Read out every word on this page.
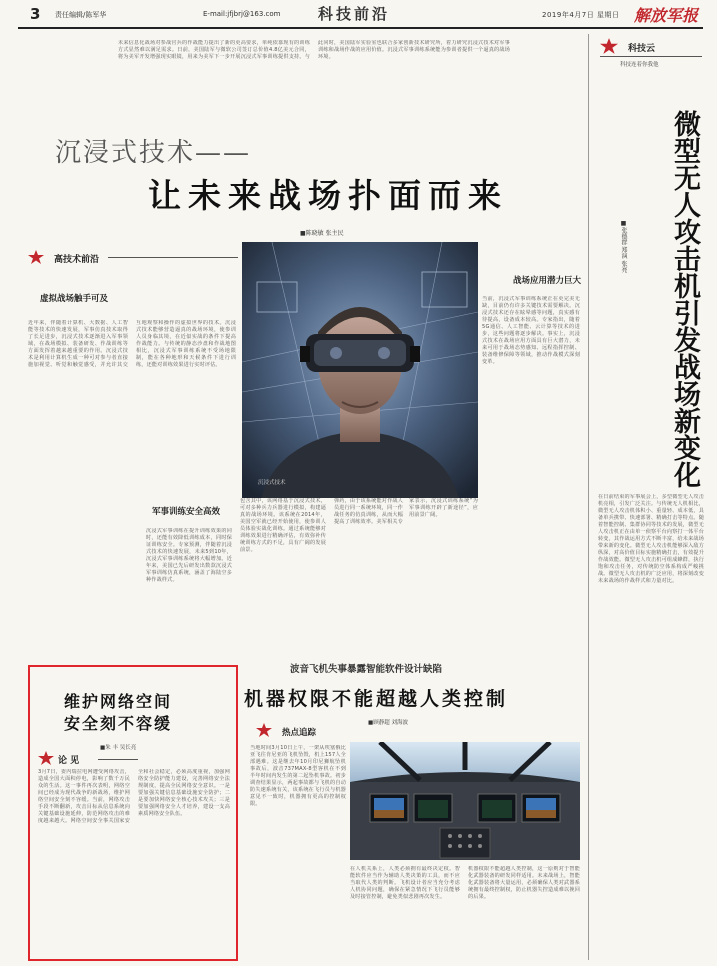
3 责任编辑/陈军华	E-mail:jfjbrj@163.com	科技前沿	2019年4月7日 星期日 解放军报
未来信息化战场对参战官兵的作战能力提出了新的更高要求，单纯依靠现有的训练方式显然难以满足需求。日前，美国陆军与微软公司签订总价值4.8亿美元合同，将为美军开发增强现实眼镜，用来为美军下一步开展沉浸式军事训练提供支持。与此同时，美国陆军实验室也联合多家创新技术研究所，着力研究沉浸式技术对军事训练和战场作战的应用价值。沉浸式军事训练系统能为参训者提供一个逼真的战场环境。
沉浸式技术——
让未来战场扑面而来
■陈晓敏 张主民
高技术前沿
虚拟战场触手可及
近年来，伴随着计算机、大数据、人工智能等技术的快速发展，军事仿真技术取得了长足进步，沉浸式技术逐渐进入军事领域，在战场模拟、装备研发、作战训练等方面发挥着越来越重要的作用。沉浸式技术是利用计算机生成一种可对参与者直接施加视觉、听觉和触觉感受，并允许其交互地观察和操作的虚拟世界的技术。沉浸式技术能够营造逼真的战场环境，使参训人员身临其境，在近似实战的条件下提高作战能力。与传统的静态沙盘和作战地图相比，沉浸式军事训练系统不受场地限制，能在各种地形和天候条件下进行训练，还能对训练效果进行实时评估。
战场应用潜力巨大
当前，沉浸式军事训练系统正在更完美无缺，目前仍有许多关键技术需要解决。沉浸式技术还存在眩晕感等问题，真实感有待提高，设备成本较高。专家指出，随着5G通信、人工智能、云计算等技术的进步，这些问题将逐步解决。事实上，沉浸式技术在战场应用方面具有巨大潜力，未来可用于战场态势感知、远程指挥控制、装备维修保障等领域，推动作战模式深刻变革。
沉浸式技术
军事训练安全高效
沉浸式军事训练在提升训练效果的同时，还能有效降低训练成本，同时保证训练安全。专家预测，伴随着沉浸式技术的快速发展，未来5到10年，沉浸式军事训练系统将大幅增加。近年来，美国已先后研发出数款沉浸式军事训练仿真系统，涵盖了海陆空多种作战样式。
包含其中，该网络基于沉浸式技术，可对多种兵力兵器进行模拟，构建逼真的战场环境。该系统在2014年，美国空军就已经开始使用，使参训人员体验实战化训练。通过系统能够对训练效果进行精确评估，有效弥补传统训练方式的不足，具有广阔的发展前景。
弹药，由于该系统能对作战人员进行同一系统环境，同一作战任务的仿真训练，从而大幅提高了训练效率。美军相关专家表示，沉浸式训练系统“为军事训练开辟了新途径”，应用前景广阔。
维护网络空间
安全刻不容缓
■朱 丰 吴长亮
论 见
3月7日，委内瑞拉电网遭受网络攻击，造成全国大面积停电，影响了数千万民众的生活。这一事件再次表明，网络空间已经成为现代战争的新战场，维护网络空间安全刻不容缓。当前，网络攻击手段不断翻新，攻击目标从信息系统向关键基础设施延伸，防范网络攻击的难度越来越大。网络空间安全事关国家安全和社会稳定，必须高度重视，加强网络安全防护能力建设，完善网络安全法规制度，提高全民网络安全意识。一是要加强关键信息基础设施安全防护；二是要加快网络安全核心技术攻关；三是要加强网络安全人才培养，建设一支高素质网络安全队伍。
波音飞机失事暴露智能软件设计缺陷
机器权限不能超越人类控制
■顾静超 刘海波
热点追踪
当地时间3月10日上午，一架从埃塞俄比亚飞往肯尼亚的飞机坠毁，机上157人全部遇难。这是继去年10月印尼狮航坠机事故后，波音737MAX-8型客机在不到半年时间内发生的第二起坠机事故。初步调查结果显示，两起事故都与飞机的自动防失速系统有关，该系统在飞行员与机器意见不一致时，机器拥有更高的控制权限。
在人机关系上，人类必须拥有最终决定权。智能软件应当作为辅助人类决策的工具，而不应当取代人类的判断。飞机设计者应当充分考虑人机协同问题，确保在紧急情况下飞行员能够及时接管控制，避免类似悲剧再次发生。
机器权限不能超越人类控制，这一原则对于智能化武器装备的研发同样适用。未来战场上，智能化武器装备将大量运用，必须确保人类对武器系统拥有最终控制权，防止机器失控造成难以挽回的后果。
科技云
科技连着你我他
微型无人攻击机引发战场新变化
■张德群 郑演 张亮
在日前结束的军事展会上，多型微型无人攻击机亮相，引发广泛关注。与传统无人机相比，微型无人攻击机体积小、重量轻、成本低，具备单兵携带、快速部署、精确打击等特点。随着智能控制、集群协同等技术的发展，微型无人攻击机正在由单一侦察平台向察打一体平台转变，其作战运用方式不断丰富，给未来战场带来新的变化。微型无人攻击机能够深入敌方纵深，对高价值目标实施精确打击，有效提升作战效能。微型无人攻击机可组成蜂群，执行饱和攻击任务，对传统防空体系构成严峻挑战。微型无人攻击机的广泛应用，将深刻改变未来战场的作战样式和力量对比。
